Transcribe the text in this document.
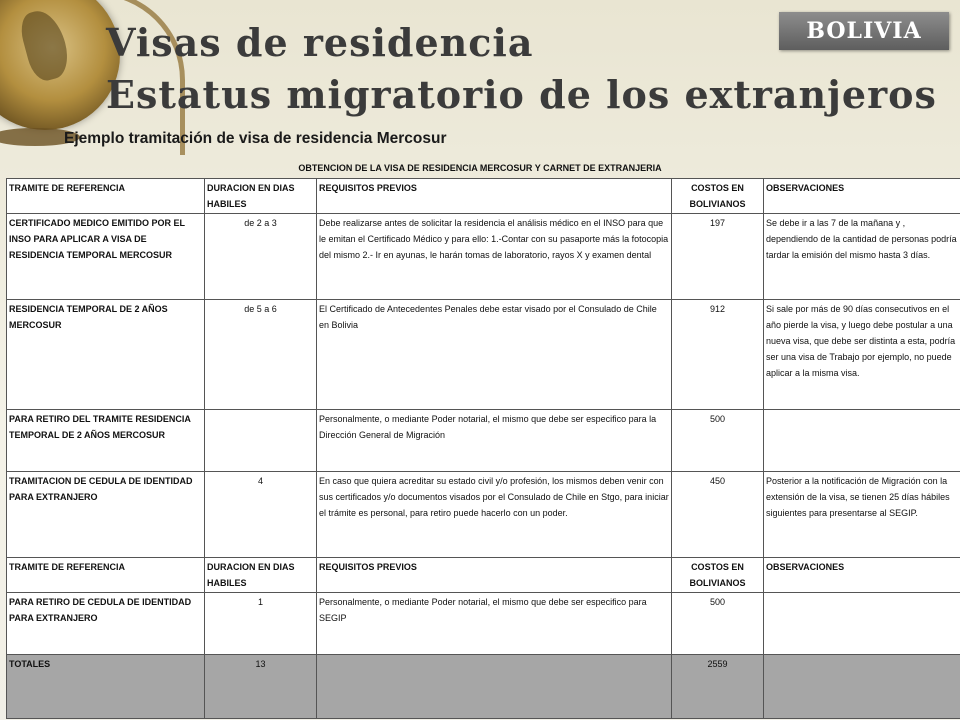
BOLIVIA
Visas de residencia
Estatus migratorio de los extranjeros
Ejemplo tramitación de visa de residencia Mercosur
OBTENCION DE LA VISA DE RESIDENCIA MERCOSUR Y CARNET DE EXTRANJERIA
TRAMITE DE REFERENCIA	DURACION EN DIAS HABILES	REQUISITOS PREVIOS	COSTOS EN BOLIVIANOS	OBSERVACIONES
CERTIFICADO MEDICO EMITIDO POR EL INSO PARA APLICAR A VISA DE RESIDENCIA TEMPORAL MERCOSUR	de 2 a 3	Debe realizarse antes de solicitar la residencia el análisis médico en el INSO para que le emitan el Certificado Médico y para ello: 1.-Contar con su pasaporte más la fotocopia del mismo 2.- Ir en ayunas, le harán tomas de laboratorio, rayos X y examen dental	197	Se debe ir a las 7 de la mañana y , dependiendo de la cantidad de personas podría tardar la emisión del mismo hasta 3 días.
RESIDENCIA TEMPORAL DE 2 AÑOS MERCOSUR	de 5 a 6	El Certificado de Antecedentes Penales debe estar visado por el Consulado de Chile en Bolivia	912	Si sale por más de 90 días consecutivos en el año pierde la visa, y luego debe postular a una nueva visa, que debe ser distinta a esta, podría ser una visa de Trabajo por ejemplo, no puede aplicar a la misma visa.
PARA RETIRO DEL TRAMITE RESIDENCIA TEMPORAL DE 2 AÑOS MERCOSUR		Personalmente, o mediante Poder notarial, el mismo que debe ser especifico para la Dirección General de Migración	500	
TRAMITACION DE CEDULA DE IDENTIDAD PARA EXTRANJERO	4	En caso que quiera acreditar su estado civil y/o profesión, los mismos deben venir con sus certificados y/o documentos visados por el Consulado de Chile en Stgo, para iniciar el trámite es personal, para retiro puede hacerlo con un poder.	450	Posterior a la notificación de Migración con la extensión de la visa, se tienen 25 días hábiles siguientes para presentarse al SEGIP.
TRAMITE DE REFERENCIA	DURACION EN DIAS HABILES	REQUISITOS PREVIOS	COSTOS EN BOLIVIANOS	OBSERVACIONES
PARA RETIRO DE CEDULA DE IDENTIDAD PARA EXTRANJERO	1	Personalmente, o mediante Poder notarial, el mismo que debe ser especifico para SEGIP	500	
TOTALES	13		2559	
